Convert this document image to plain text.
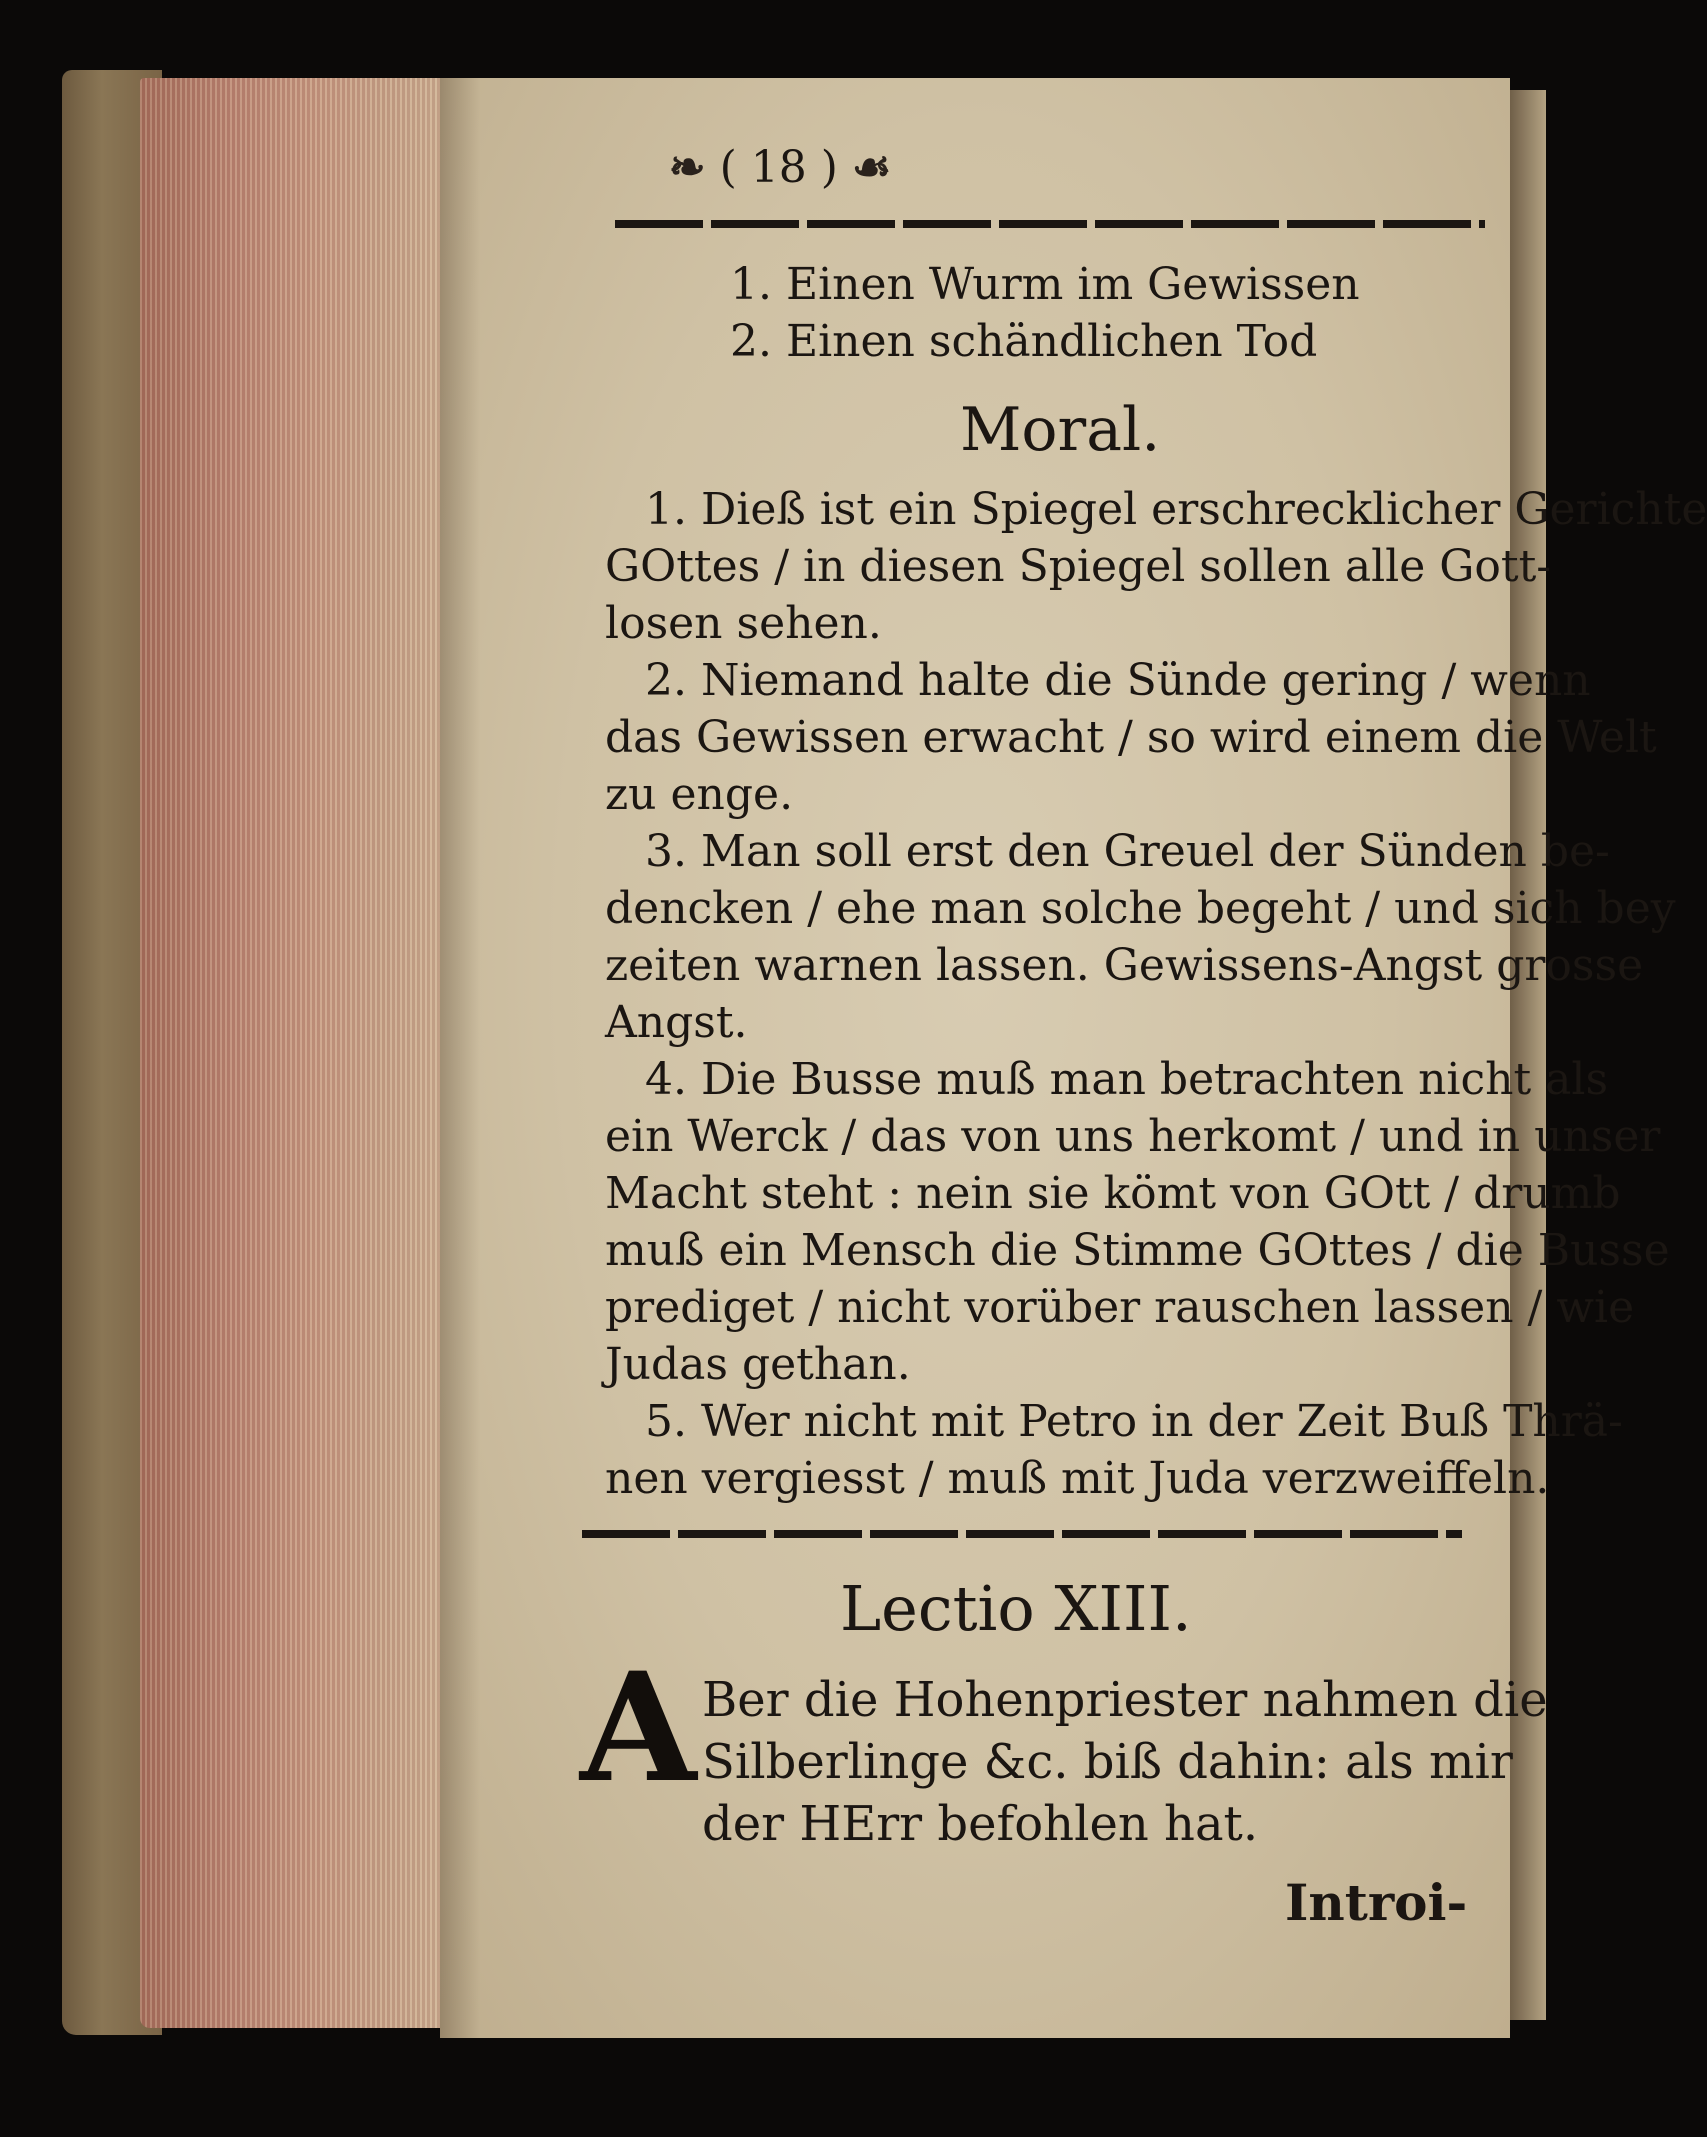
❧ ( 18 ) ☙
1. Einen Wurm im Gewissen
2. Einen schändlichen Tod
Moral.
1. Dieß ist ein Spiegel erschrecklicher Gerichte
GOttes / in diesen Spiegel sollen alle Gott-
losen sehen.
2. Niemand halte die Sünde gering / wenn
das Gewissen erwacht / so wird einem die Welt
zu enge.
3. Man soll erst den Greuel der Sünden be-
dencken / ehe man solche begeht / und sich bey
zeiten warnen lassen. Gewissens-Angst grosse
Angst.
4. Die Busse muß man betrachten nicht als
ein Werck / das von uns herkomt / und in unser
Macht steht : nein sie kömt von GOtt / drumb
muß ein Mensch die Stimme GOttes / die Busse
prediget / nicht vorüber rauschen lassen / wie
Judas gethan.
5. Wer nicht mit Petro in der Zeit Buß Thrä-
nen vergiesst / muß mit Juda verzweiffeln.
Lectio XIII.
A Ber die Hohenpriester nahmen die
Silberlinge &c. biß dahin: als mir
der HErr befohlen hat.
Introi-
